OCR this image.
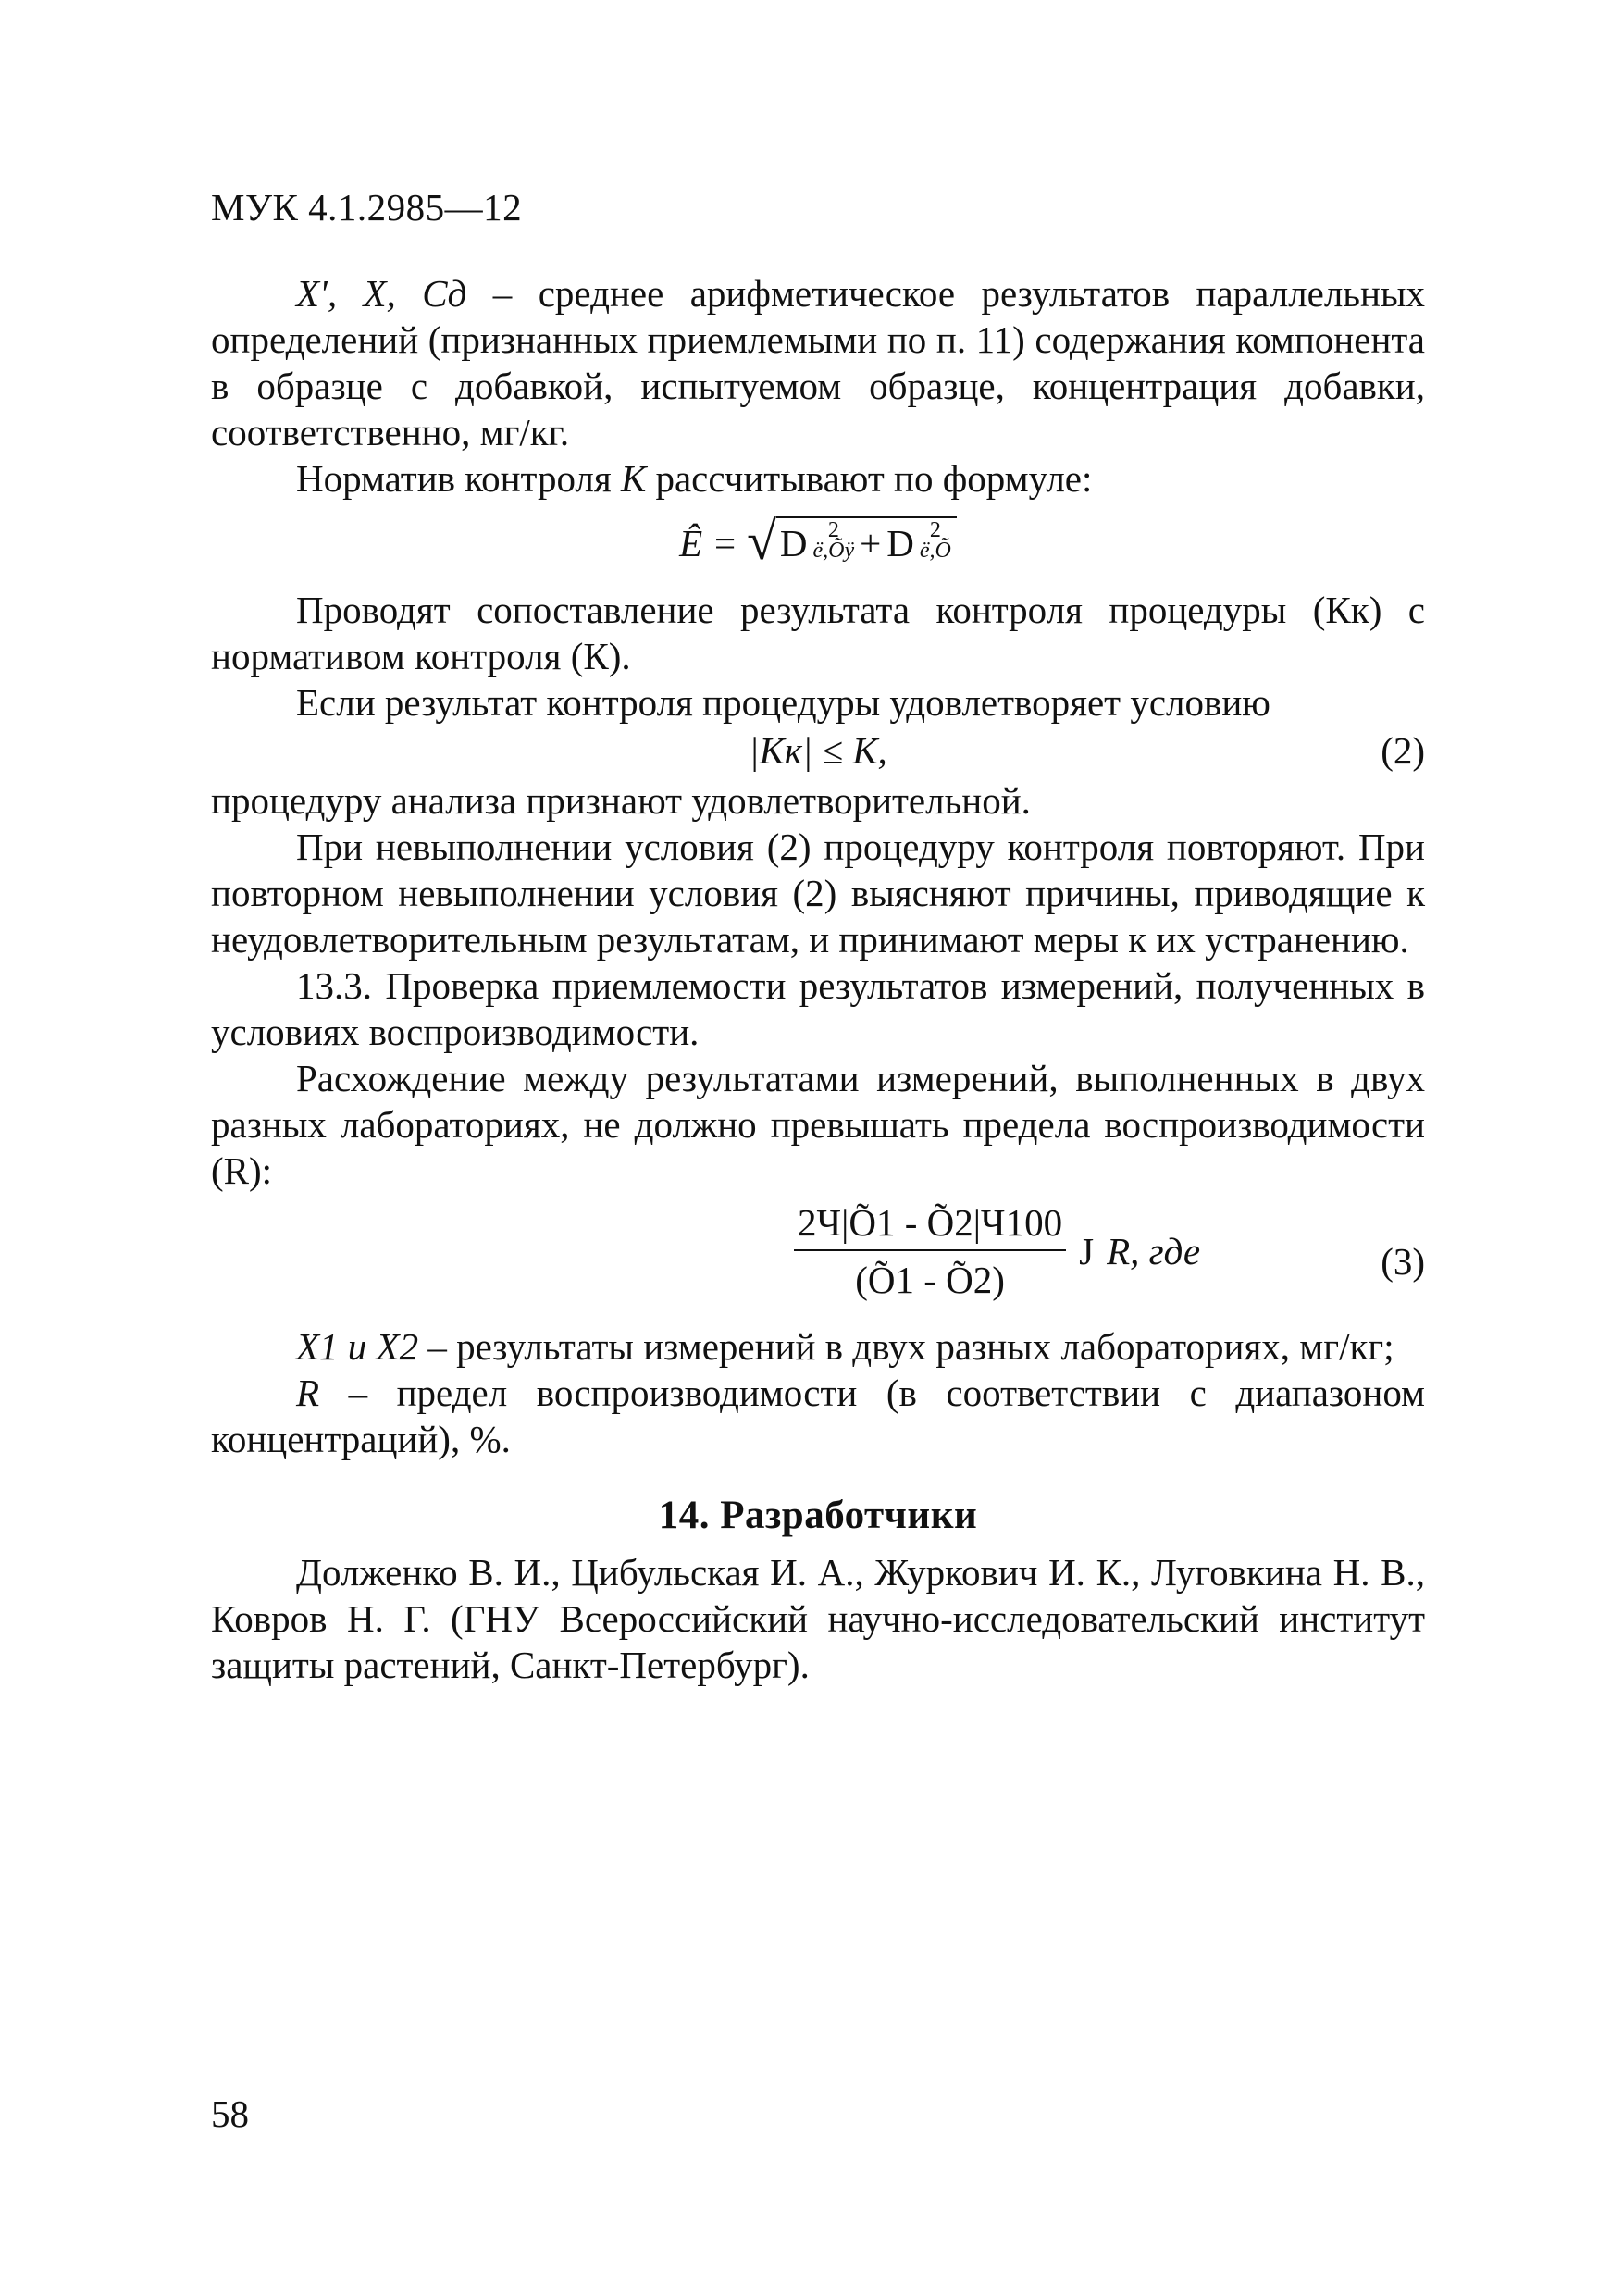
МУК 4.1.2985—12

X', X, Cд – среднее арифметическое результатов параллельных определений (признанных приемлемыми по п. 11) содержания компонента в образце с добавкой, испытуемом образце, концентрация добавки, соответственно, мг/кг.

Норматив контроля К рассчитывают по формуле:

Ê = √ D 2
ë,Õÿ + D 2
ë,Õ

Проводят сопоставление результата контроля процедуры (Кк) с нормативом контроля (К).

Если результат контроля процедуры удовлетворяет условию

|Кк| ≤ К,	(2)

процедуру анализа признают удовлетворительной.

При невыполнении условия (2) процедуру контроля повторяют. При повторном невыполнении условия (2) выясняют причины, приводящие к неудовлетворительным результатам, и принимают меры к их устранению.

13.3. Проверка приемлемости результатов измерений, полученных в условиях воспроизводимости.

Расхождение между результатами измерений, выполненных в двух разных лабораториях, не должно превышать предела воспроизводимости (R):

$\frac{2Ч|Õ1 - Õ2|Ч100}{(Õ1 - Õ2)}$ J R, где	(3)

X1 и X2 – результаты измерений в двух разных лабораториях, мг/кг;

R – предел воспроизводимости (в соответствии с диапазоном концентраций), %.

14. Разработчики

Долженко В. И., Цибульская И. А., Журкович И. К., Луговкина Н. В., Ковров Н. Г. (ГНУ Всероссийский научно-исследовательский институт защиты растений, Санкт-Петербург).

58
